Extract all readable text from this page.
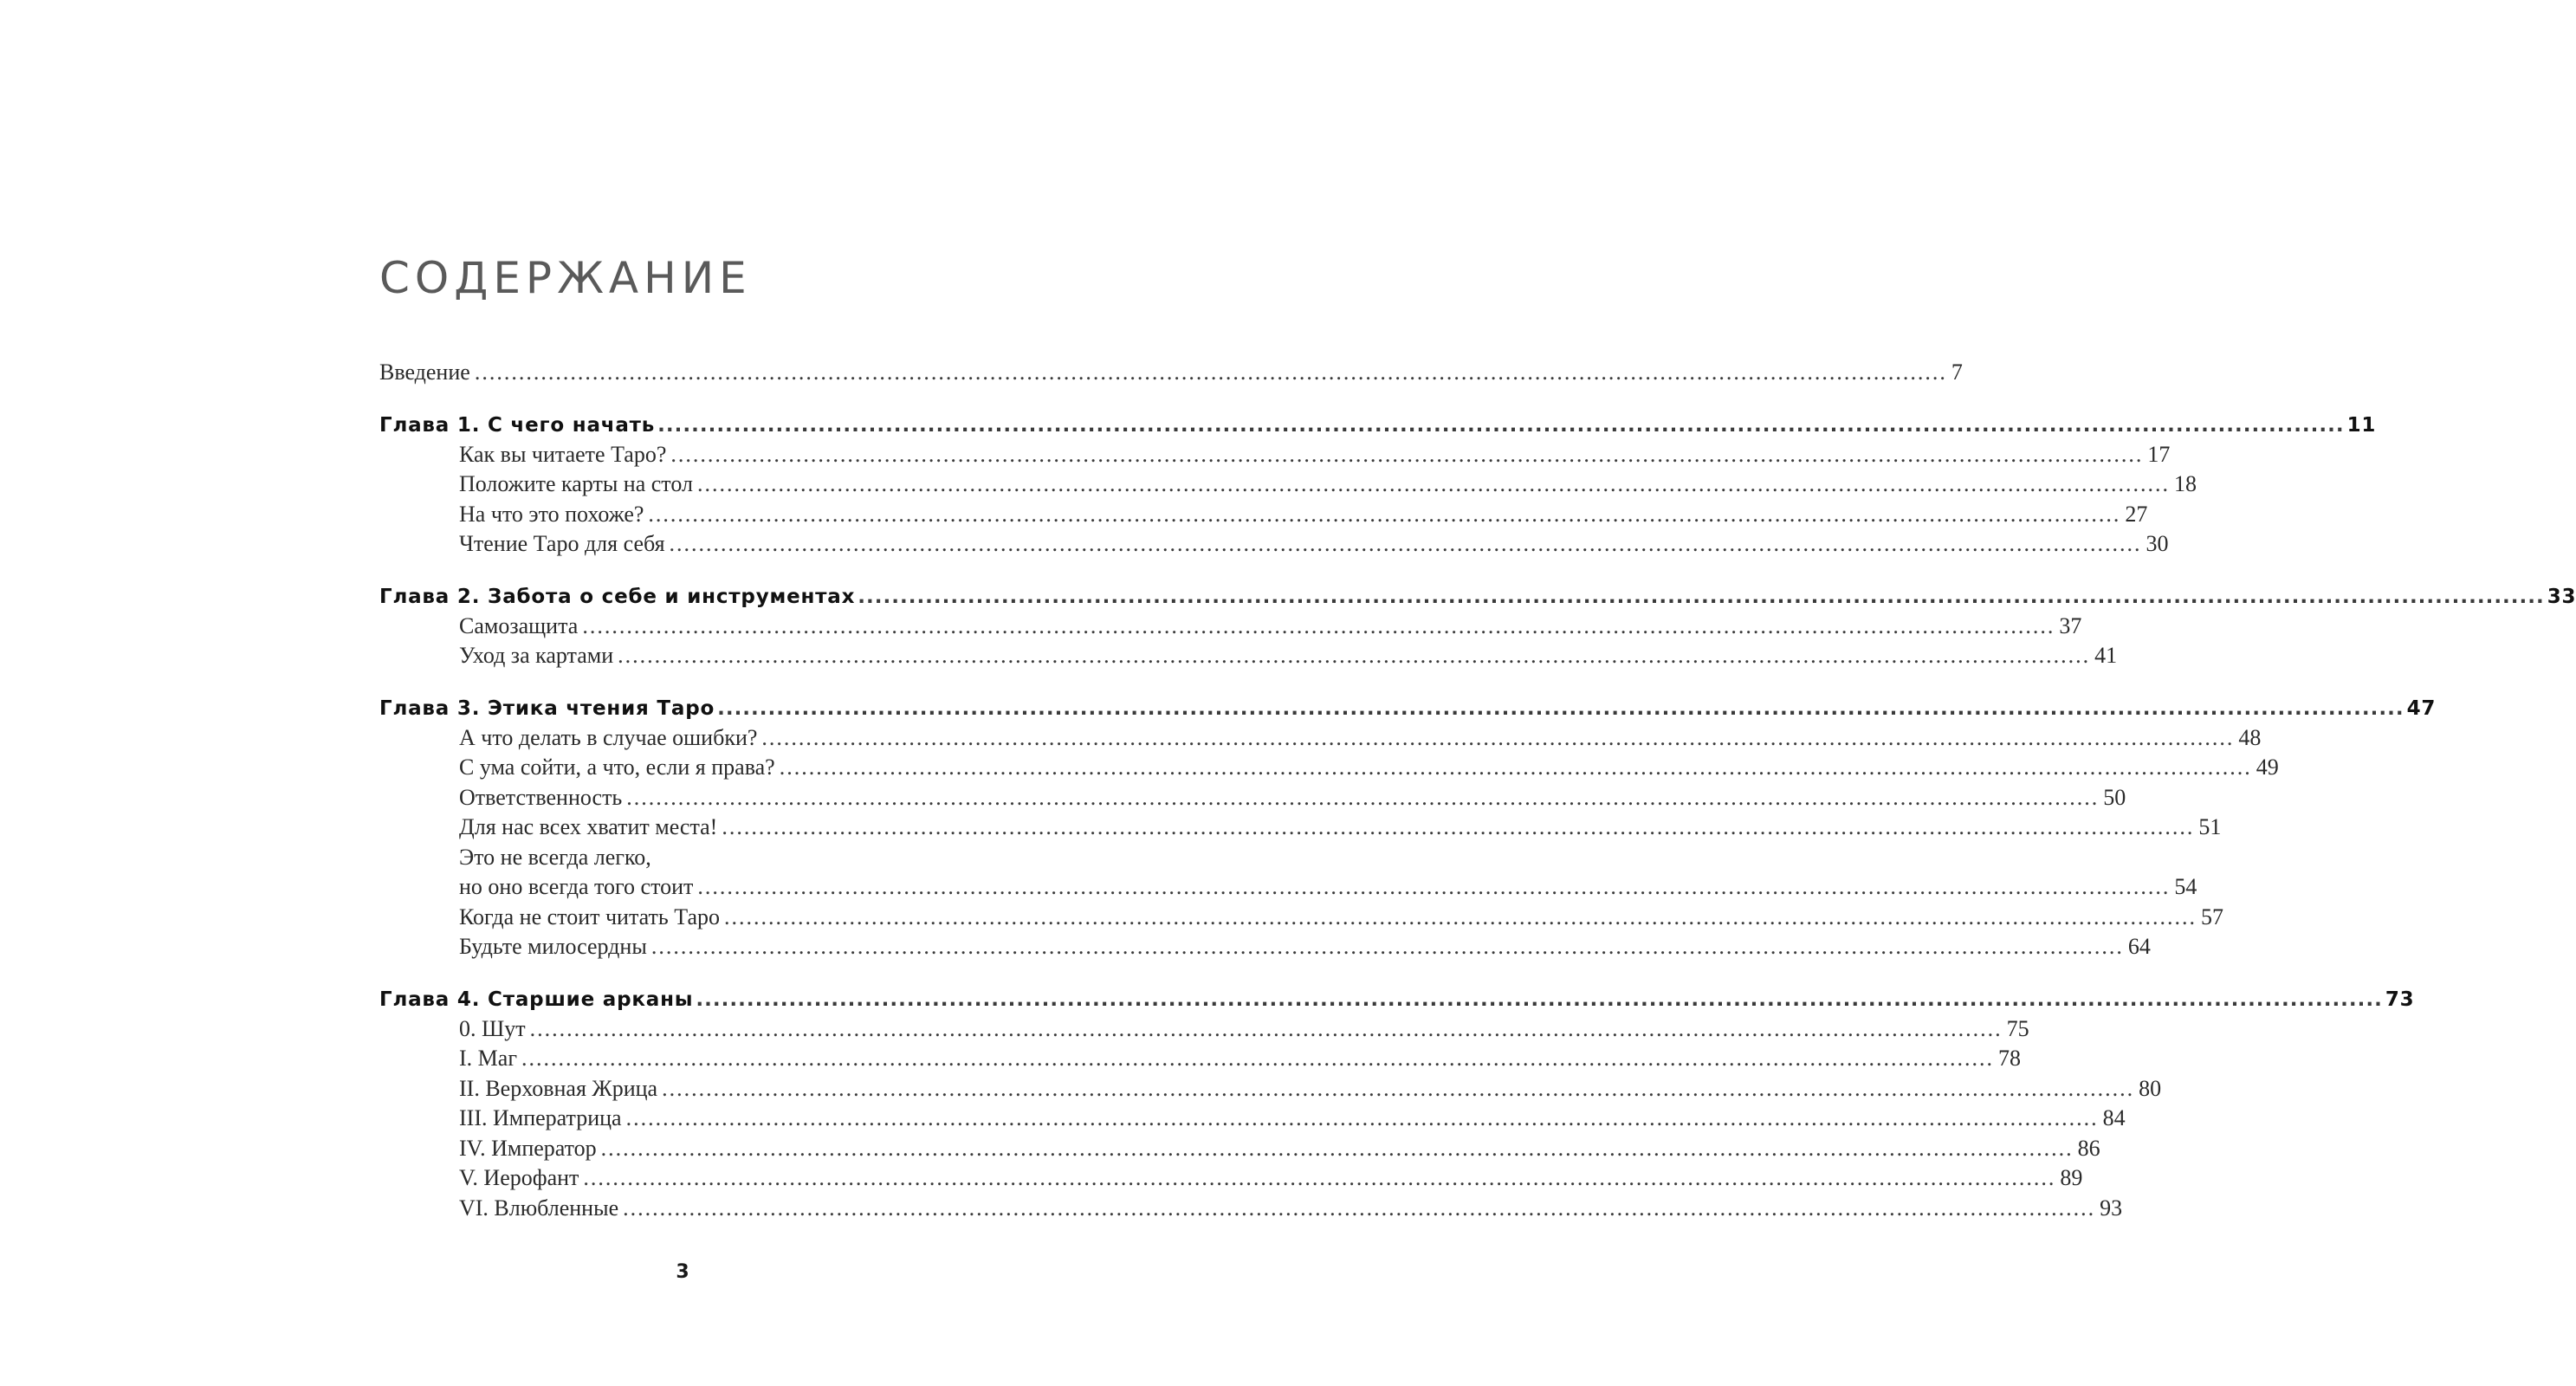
СОДЕРЖАНИЕ
Введение ........................................................................................................................................................................................................ 7
Глава 1. С чего начать ........................................................................................................................................................................................................ 11
Как вы читаете Таро? ........................................................................................................................................................................................................ 17
Положите карты на стол ........................................................................................................................................................................................................ 18
На что это похоже? ........................................................................................................................................................................................................ 27
Чтение Таро для себя ........................................................................................................................................................................................................ 30
Глава 2. Забота о себе и инструментах ........................................................................................................................................................................................................ 33
Самозащита ........................................................................................................................................................................................................ 37
Уход за картами ........................................................................................................................................................................................................ 41
Глава 3. Этика чтения Таро ........................................................................................................................................................................................................ 47
А что делать в случае ошибки? ........................................................................................................................................................................................................ 48
С ума сойти, а что, если я права? ........................................................................................................................................................................................................ 49
Ответственность ........................................................................................................................................................................................................ 50
Для нас всех хватит места! ........................................................................................................................................................................................................ 51
Это не всегда легко,
но оно всегда того стоит ........................................................................................................................................................................................................ 54
Когда не стоит читать Таро ........................................................................................................................................................................................................ 57
Будьте милосердны ........................................................................................................................................................................................................ 64
Глава 4. Старшие арканы ........................................................................................................................................................................................................ 73
0. Шут ........................................................................................................................................................................................................ 75
I. Маг ........................................................................................................................................................................................................ 78
II. Верховная Жрица ........................................................................................................................................................................................................ 80
III. Императрица ........................................................................................................................................................................................................ 84
IV. Император ........................................................................................................................................................................................................ 86
V. Иерофант ........................................................................................................................................................................................................ 89
VI. Влюбленные ........................................................................................................................................................................................................ 93
3
